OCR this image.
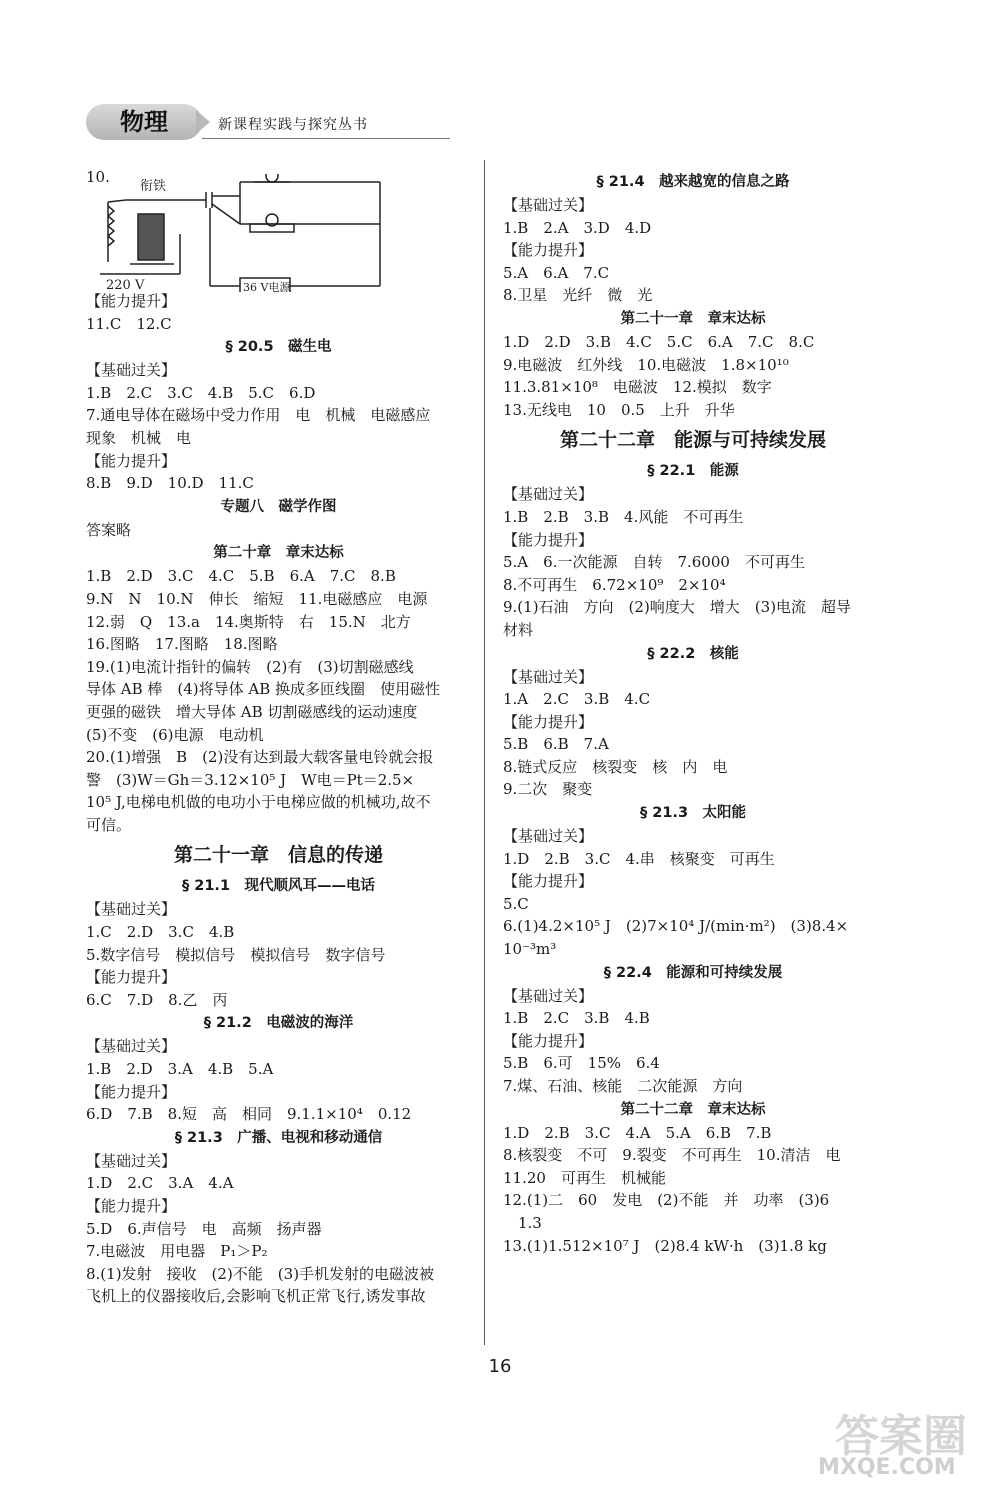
物理	新课程实践与探究丛书
10.
衔铁
220 V	36 V电源
【能力提升】
11.C　12.C
§ 20.5　磁生电
【基础过关】
1.B　2.C　3.C　4.B　5.C　6.D
7.通电导体在磁场中受力作用　电　机械　电磁感应
现象　机械　电
【能力提升】
8.B　9.D　10.D　11.C
专题八　磁学作图
答案略
第二十章　章末达标
1.B　2.D　3.C　4.C　5.B　6.A　7.C　8.B
9.N　N　10.N　伸长　缩短　11.电磁感应　电源
12.弱　Q　13.a　14.奥斯特　右　15.N　北方
16.图略　17.图略　18.图略
19.(1)电流计指针的偏转　(2)有　(3)切割磁感线
导体 AB 棒　(4)将导体 AB 换成多匝线圈　使用磁性
更强的磁铁　增大导体 AB 切割磁感线的运动速度
(5)不变　(6)电源　电动机
20.(1)增强　B　(2)没有达到最大载客量电铃就会报
警　(3)W＝Gh＝3.12×10⁵ J　W电＝Pt＝2.5×
10⁵ J,电梯电机做的电功小于电梯应做的机械功,故不
可信。
第二十一章　信息的传递
§ 21.1　现代顺风耳——电话
【基础过关】
1.C　2.D　3.C　4.B
5.数字信号　模拟信号　模拟信号　数字信号
【能力提升】
6.C　7.D　8.乙　丙
§ 21.2　电磁波的海洋
【基础过关】
1.B　2.D　3.A　4.B　5.A
【能力提升】
6.D　7.B　8.短　高　相同　9.1.1×10⁴　0.12
§ 21.3　广播、电视和移动通信
【基础过关】
1.D　2.C　3.A　4.A
【能力提升】
5.D　6.声信号　电　高频　扬声器
7.电磁波　用电器　P₁＞P₂
8.(1)发射　接收　(2)不能　(3)手机发射的电磁波被
飞机上的仪器接收后,会影响飞机正常飞行,诱发事故
§ 21.4　越来越宽的信息之路
【基础过关】
1.B　2.A　3.D　4.D
【能力提升】
5.A　6.A　7.C
8.卫星　光纤　微　光
第二十一章　章末达标
1.D　2.D　3.B　4.C　5.C　6.A　7.C　8.C
9.电磁波　红外线　10.电磁波　1.8×10¹⁰
11.3.81×10⁸　电磁波　12.模拟　数字
13.无线电　10　0.5　上升　升华
第二十二章　能源与可持续发展
§ 22.1　能源
【基础过关】
1.B　2.B　3.B　4.风能　不可再生
【能力提升】
5.A　6.一次能源　自转　7.6000　不可再生
8.不可再生　6.72×10⁹　2×10⁴
9.(1)石油　方向　(2)响度大　增大　(3)电流　超导
材料
§ 22.2　核能
【基础过关】
1.A　2.C　3.B　4.C
【能力提升】
5.B　6.B　7.A
8.链式反应　核裂变　核　内　电
9.二次　聚变
§ 21.3　太阳能
【基础过关】
1.D　2.B　3.C　4.串　核聚变　可再生
【能力提升】
5.C
6.(1)4.2×10⁵ J　(2)7×10⁴ J/(min·m²)　(3)8.4×
10⁻³m³
§ 22.4　能源和可持续发展
【基础过关】
1.B　2.C　3.B　4.B
【能力提升】
5.B　6.可　15%　6.4
7.煤、石油、核能　二次能源　方向
第二十二章　章末达标
1.D　2.B　3.C　4.A　5.A　6.B　7.B
8.核裂变　不可　9.裂变　不可再生　10.清洁　电
11.20　可再生　机械能
12.(1)二　60　发电　(2)不能　并　功率　(3)6
　1.3
13.(1)1.512×10⁷ J　(2)8.4 kW·h　(3)1.8 kg
16
答案圈
MXQE.COM
